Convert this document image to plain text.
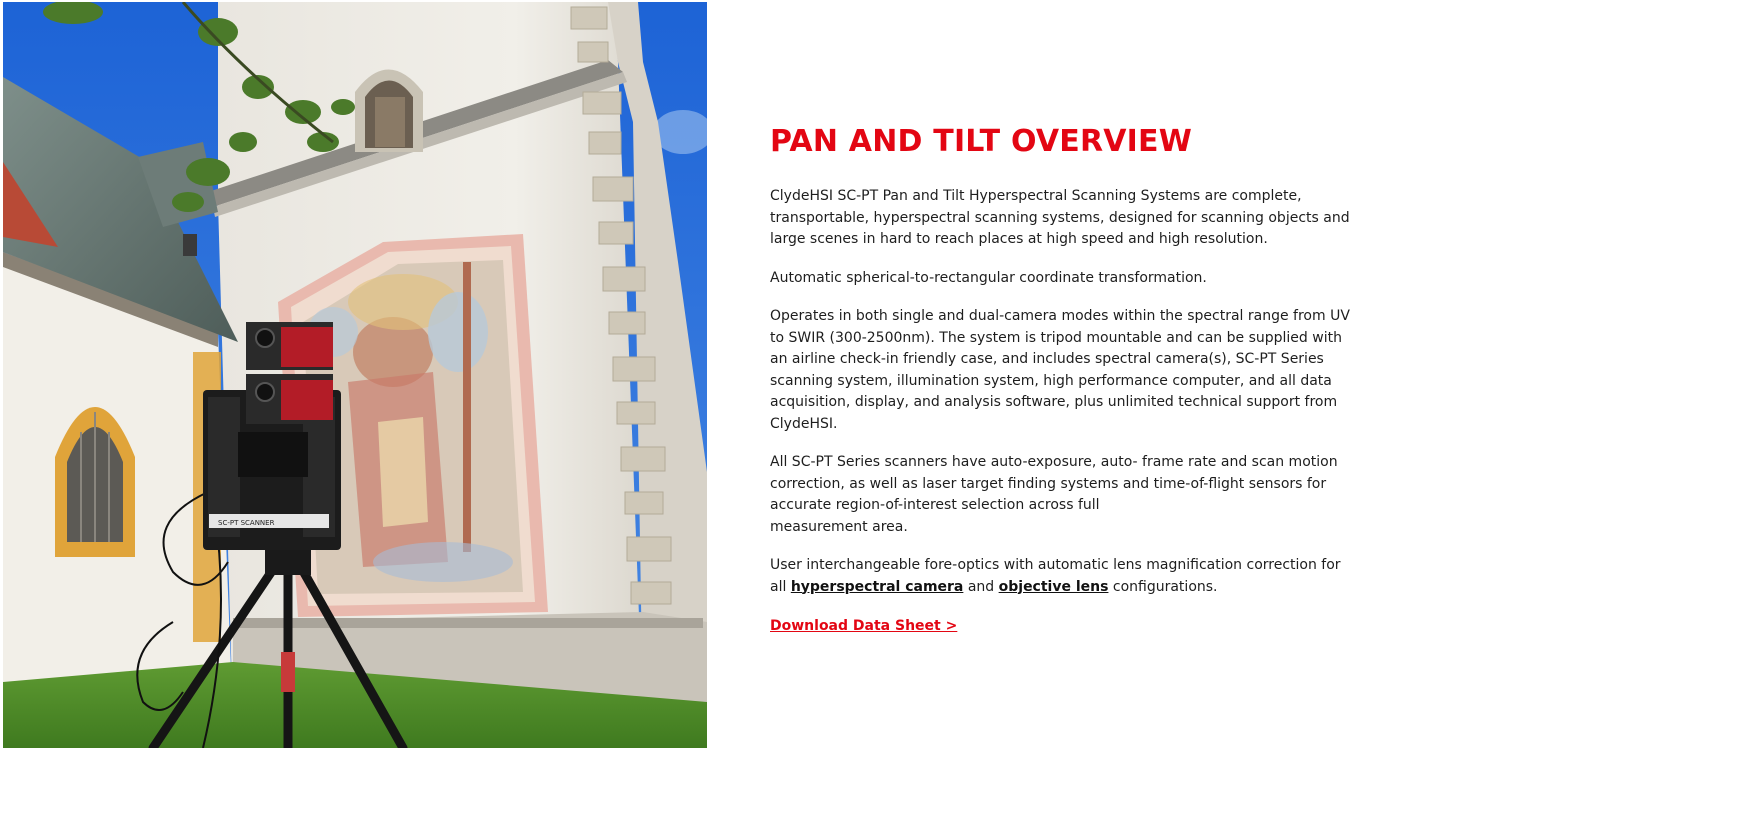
SC-PT SCANNER
PAN AND TILT OVERVIEW

ClydeHSI SC-PT Pan and Tilt Hyperspectral Scanning Systems are complete,
transportable, hyperspectral scanning systems, designed for scanning objects and
large scenes in hard to reach places at high speed and high resolution.

Automatic spherical-to-rectangular coordinate transformation.

Operates in both single and dual-camera modes within the spectral range from UV
to SWIR (300-2500nm). The system is tripod mountable and can be supplied with
an airline check-in friendly case, and includes spectral camera(s), SC-PT Series
scanning system, illumination system, high performance computer, and all data
acquisition, display, and analysis software, plus unlimited technical support from
ClydeHSI.

All SC-PT Series scanners have auto-exposure, auto- frame rate and scan motion
correction, as well as laser target finding systems and time-of-flight sensors for
accurate region-of-interest selection across full
measurement area.

User interchangeable fore-optics with automatic lens magnification correction for
all hyperspectral camera and objective lens configurations.

Download Data Sheet >
